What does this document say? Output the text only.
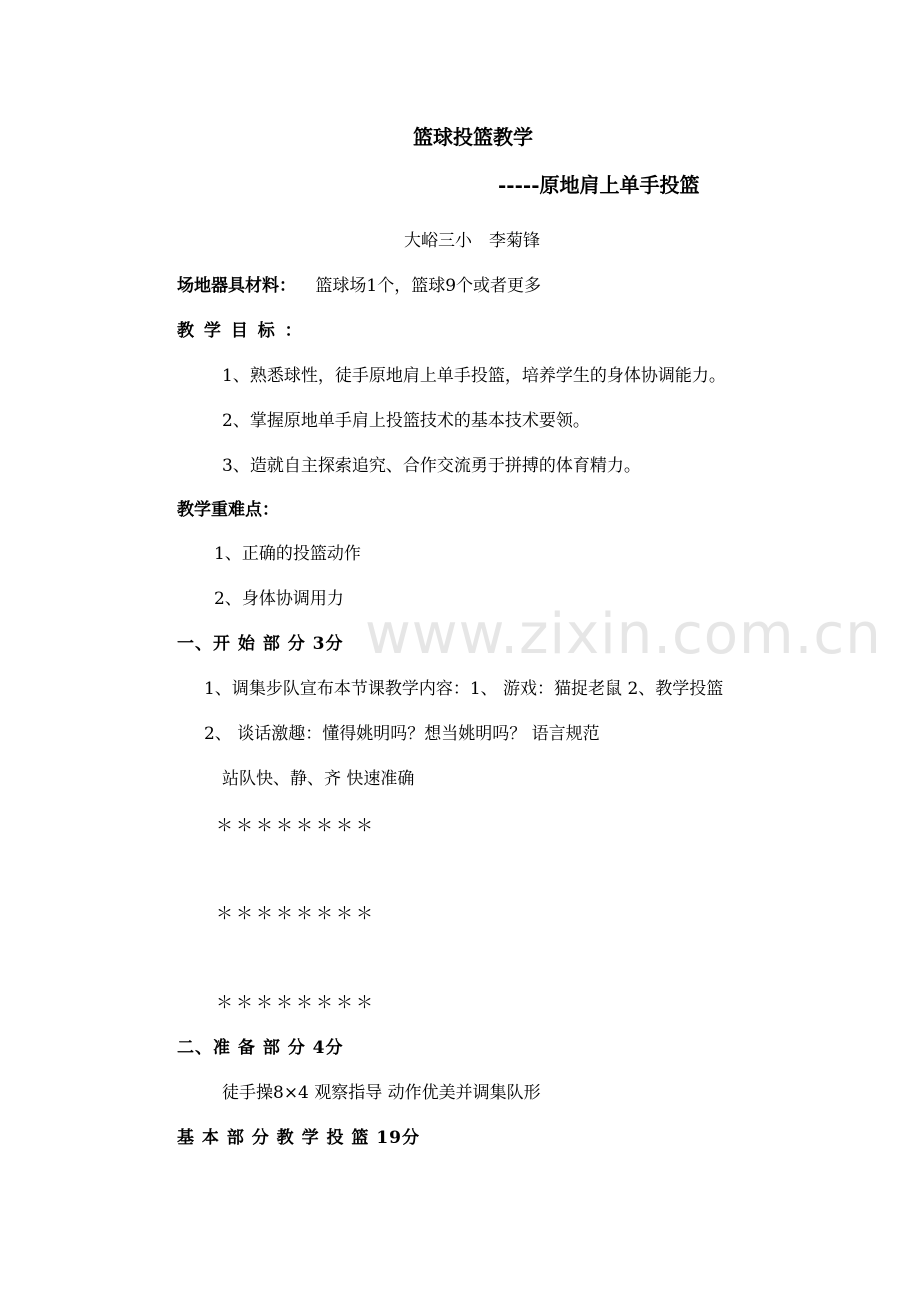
www.zixin.com.cn
篮球投篮教学
-----原地肩上单手投篮
大峪三小　李菊锋
场地器具材料： 篮球场1个，篮球9个或者更多
教 学 目 标 ：
1、熟悉球性，徒手原地肩上单手投篮，培养学生的身体协调能力。
2、掌握原地单手肩上投篮技术的基本技术要领。
3、造就自主探索追究、合作交流勇于拼搏的体育精力。
教学重难点：
1、正确的投篮动作
2、身体协调用力
一、开 始 部 分 3分
1、调集步队宣布本节课教学内容：1、 游戏：猫捉老鼠 2、教学投篮
2、 谈话激趣：懂得姚明吗？想当姚明吗？ 语言规范
站队快、静、齐 快速准确
＊＊＊＊＊＊＊＊
＊＊＊＊＊＊＊＊
＊＊＊＊＊＊＊＊
二、准 备 部 分 4分
徒手操8×4 观察指导 动作优美并调集队形
基 本 部 分 教 学 投 篮 19分
